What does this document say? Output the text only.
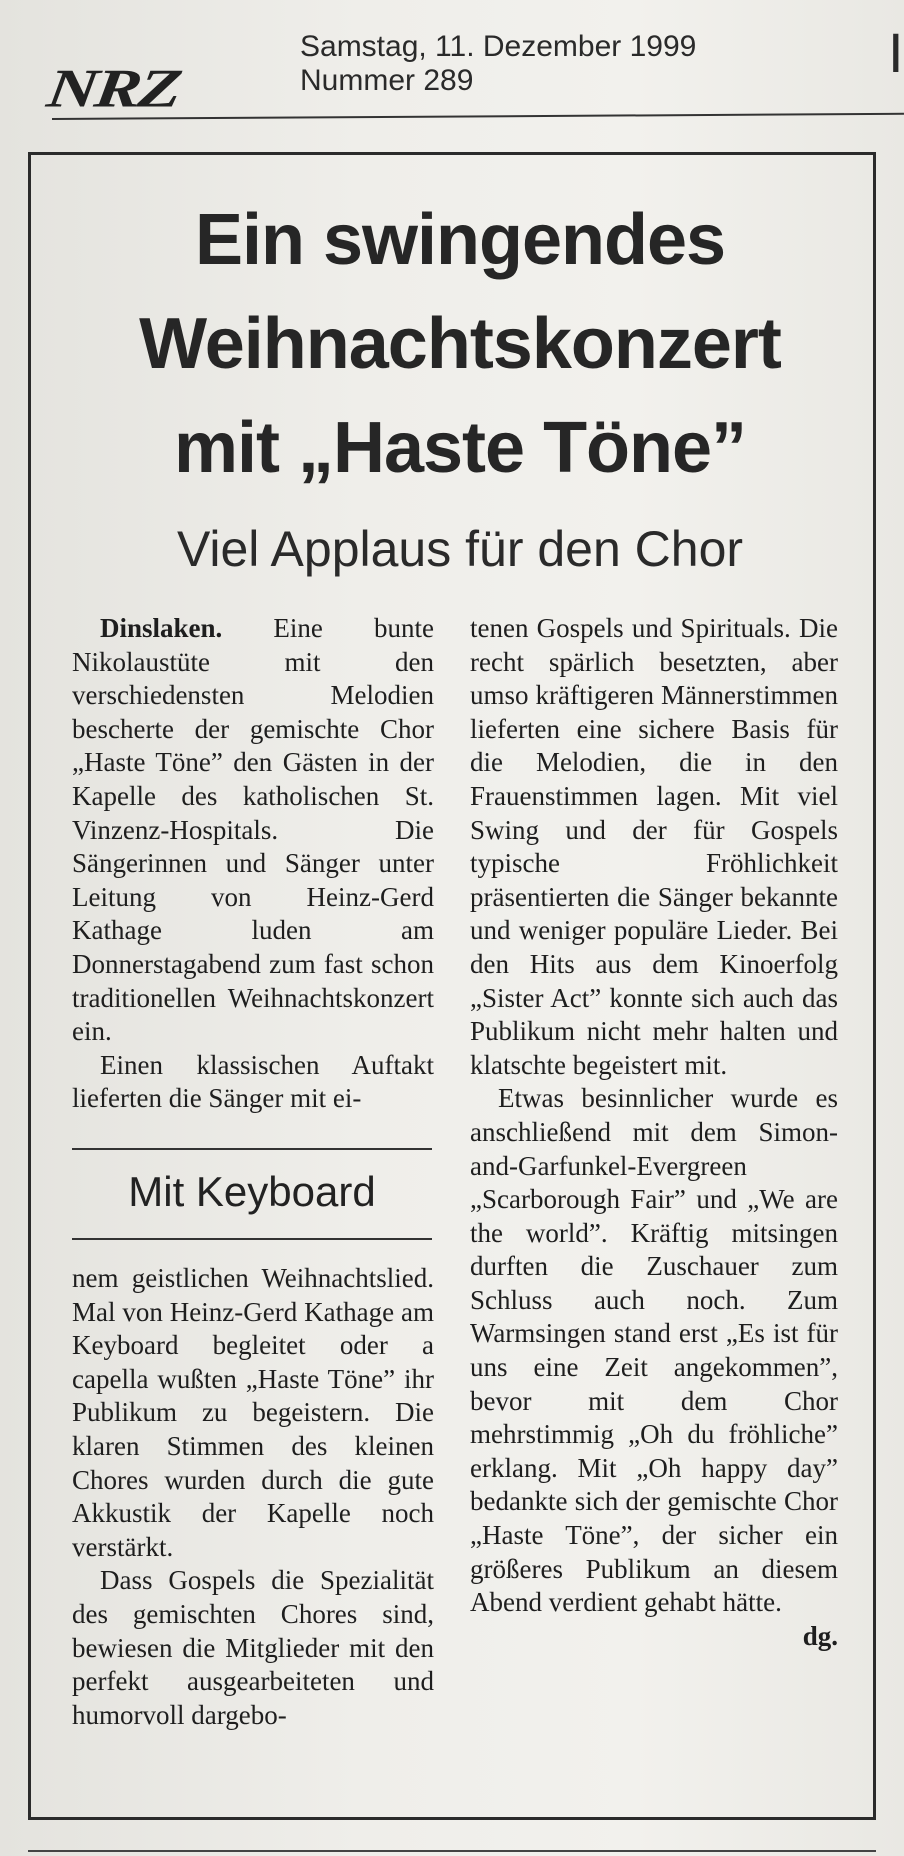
NRZ
Samstag, 11. Dezember 1999
Nummer 289	I
Ein swingendes
Weihnachtskonzert
mit „Haste Töne”
Viel Applaus für den Chor

Dinslaken. Eine bunte Nikolaustüte mit den verschiedensten Melodien bescherte der gemischte Chor „Haste Töne” den Gästen in der Kapelle des katholischen St. Vinzenz-Hospitals. Die Sängerinnen und Sänger unter Leitung von Heinz-Gerd Kathage luden am Donnerstagabend zum fast schon traditionellen Weihnachtskonzert ein.

Einen klassischen Auftakt lieferten die Sänger mit ei-

Mit Keyboard

nem geistlichen Weihnachtslied. Mal von Heinz-Gerd Kathage am Keyboard begleitet oder a capella wußten „Haste Töne” ihr Publikum zu begeistern. Die klaren Stimmen des kleinen Chores wurden durch die gute Akkustik der Kapelle noch verstärkt.

Dass Gospels die Spezialität des gemischten Chores sind, bewiesen die Mitglieder mit den perfekt ausgearbeiteten und humorvoll dargebo-

tenen Gospels und Spirituals. Die recht spärlich besetzten, aber umso kräftigeren Männerstimmen lieferten eine sichere Basis für die Melodien, die in den Frauenstimmen lagen. Mit viel Swing und der für Gospels typische Fröhlichkeit präsentierten die Sänger bekannte und weniger populäre Lieder. Bei den Hits aus dem Kinoerfolg „Sister Act” konnte sich auch das Publikum nicht mehr halten und klatschte begeistert mit.

Etwas besinnlicher wurde es anschließend mit dem Simon-and-Garfunkel-Evergreen „Scarborough Fair” und „We are the world”. Kräftig mitsingen durften die Zuschauer zum Schluss auch noch. Zum Warmsingen stand erst „Es ist für uns eine Zeit angekommen”, bevor mit dem Chor mehrstimmig „Oh du fröhliche” erklang. Mit „Oh happy day” bedankte sich der gemischte Chor „Haste Töne”, der sicher ein größeres Publikum an diesem Abend verdient gehabt hätte.

dg.
